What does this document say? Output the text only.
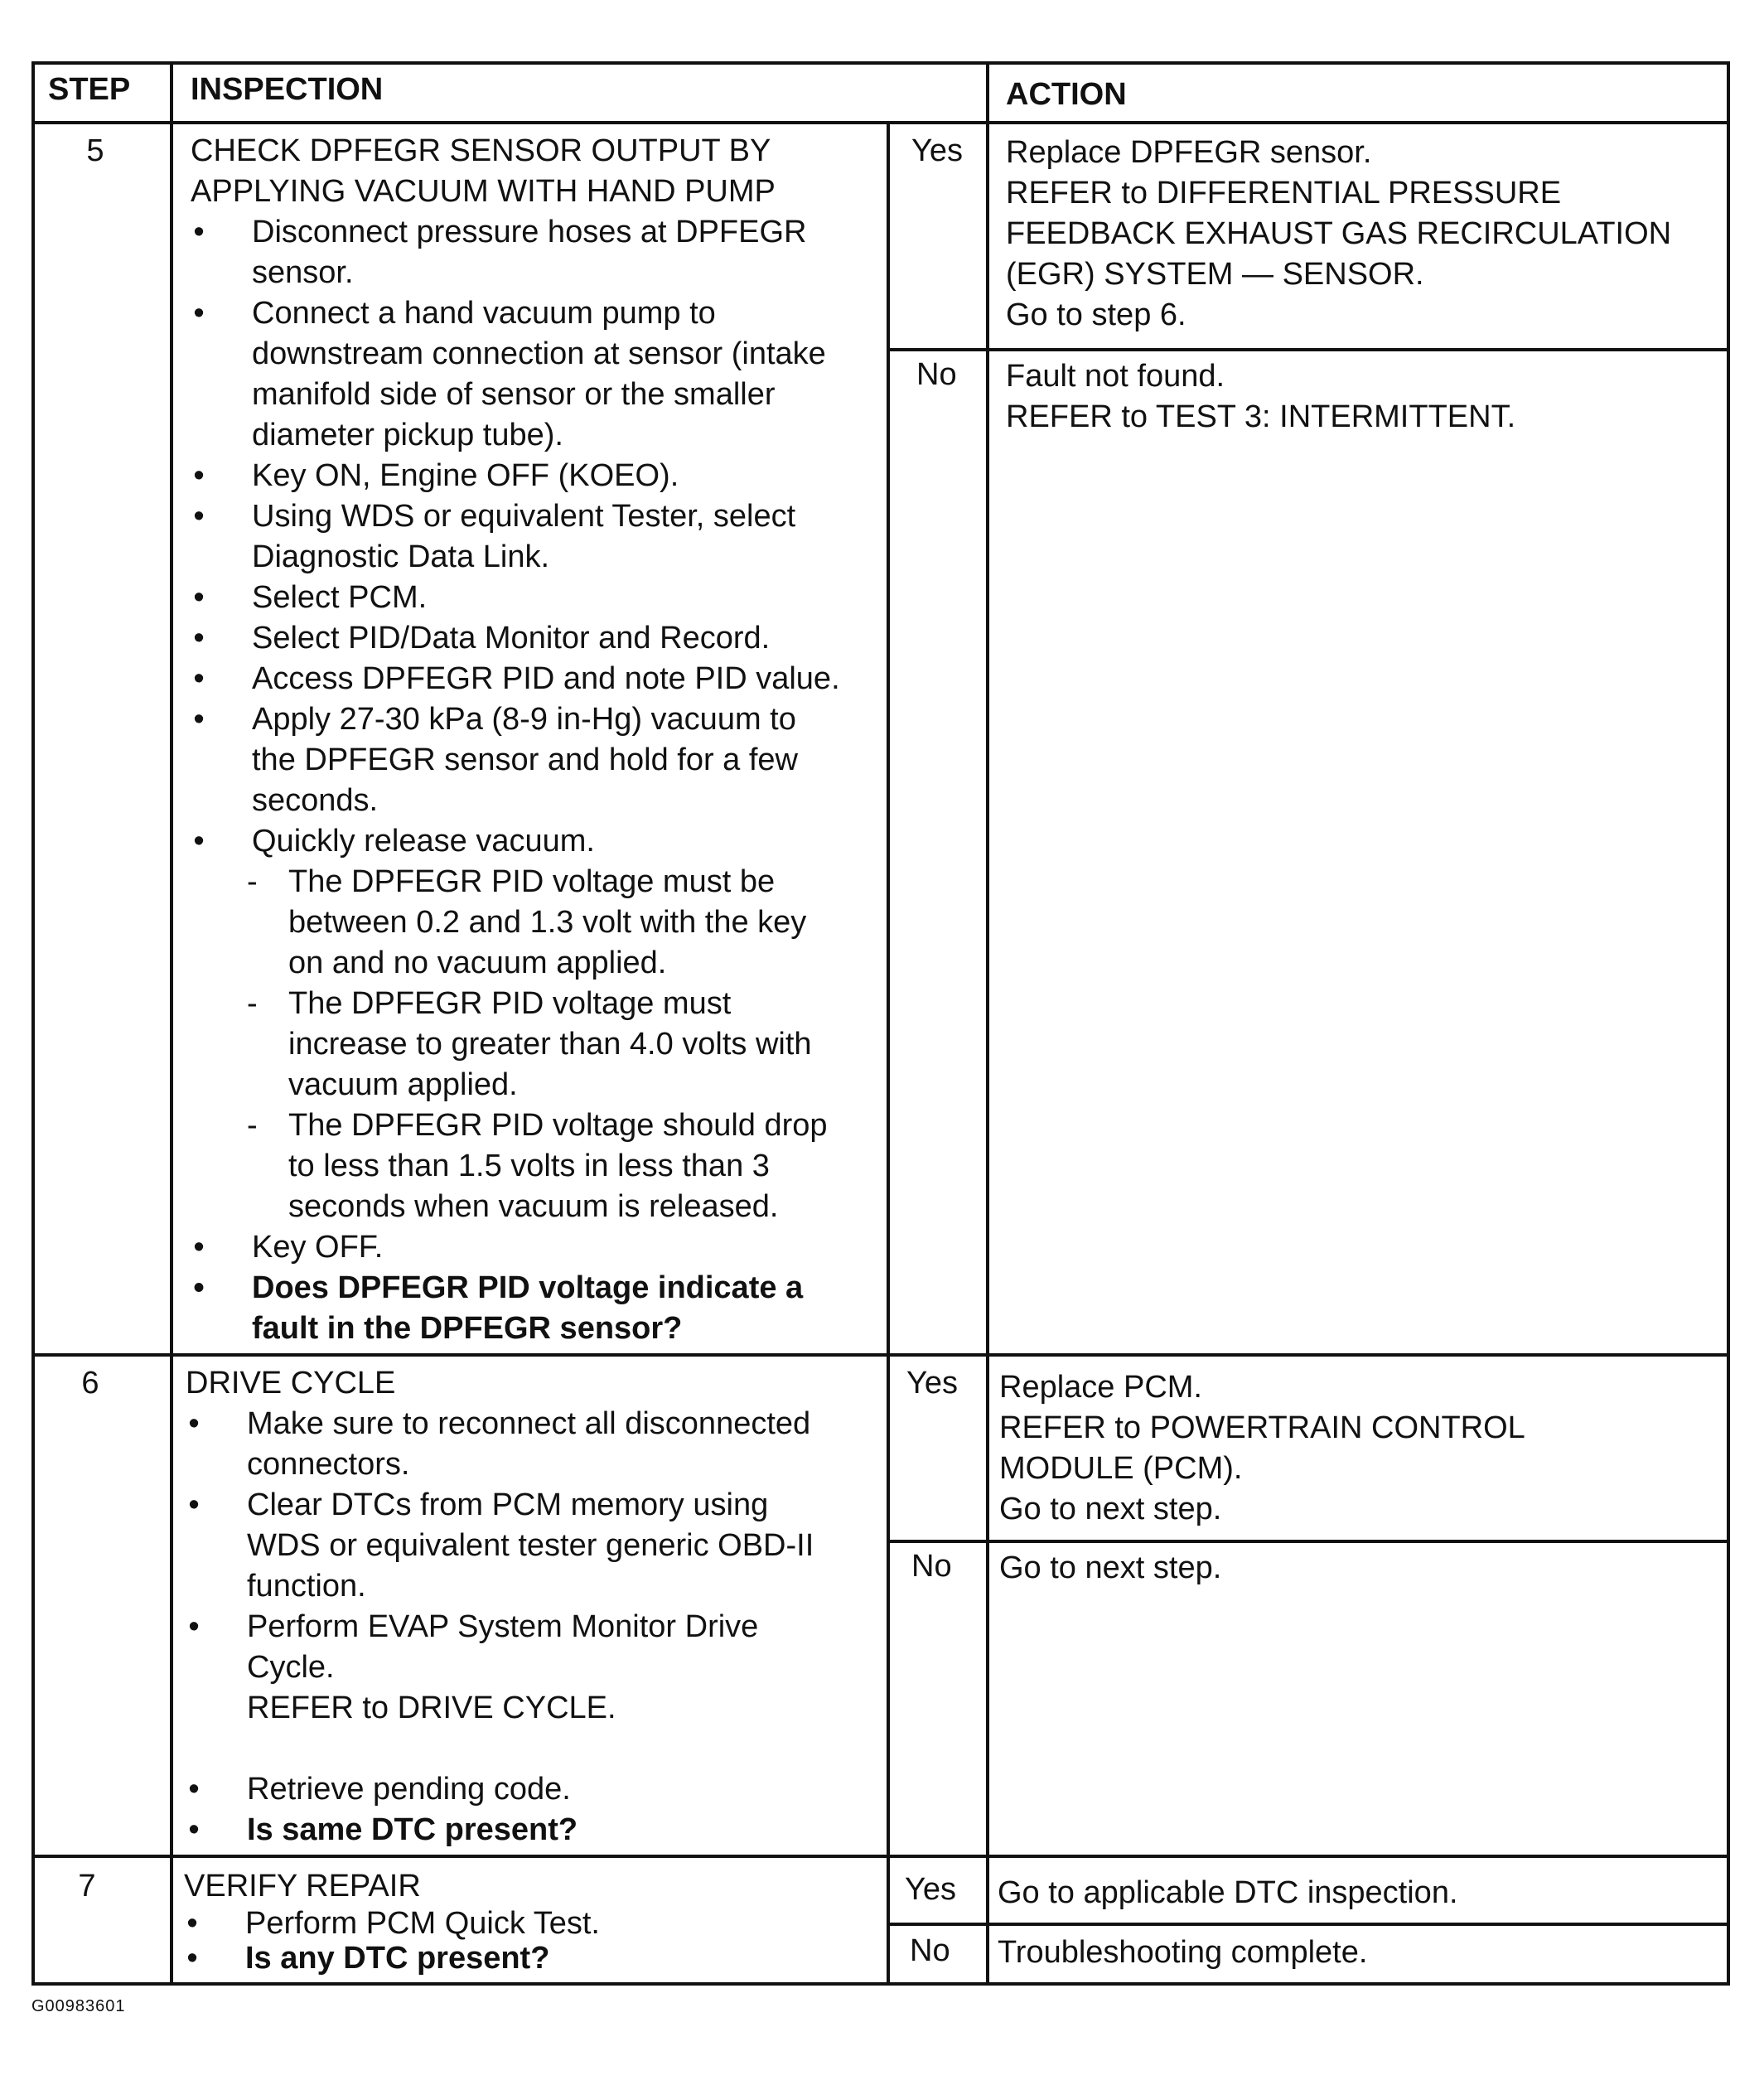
STEP INSPECTION	ACTION
5	CHECK DPFEGR SENSOR OUTPUT BY
APPLYING VACUUM WITH HAND PUMP
•	Disconnect pressure hoses at DPFEGR
sensor.
•	Connect a hand vacuum pump to
downstream connection at sensor (intake
manifold side of sensor or the smaller
diameter pickup tube).
•	Key ON, Engine OFF (KOEO).
•	Using WDS or equivalent Tester, select
Diagnostic Data Link.
•	Select PCM.
•	Select PID/Data Monitor and Record.
•	Access DPFEGR PID and note PID value.
•	Apply 27-30 kPa (8-9 in-Hg) vacuum to
the DPFEGR sensor and hold for a few
seconds.
•	Quickly release vacuum.
- The DPFEGR PID voltage must be
between 0.2 and 1.3 volt with the key
on and no vacuum applied.
- The DPFEGR PID voltage must
increase to greater than 4.0 volts with
vacuum applied.
- The DPFEGR PID voltage should drop
to less than 1.5 volts in less than 3
seconds when vacuum is released.
•	Key OFF.
•	Does DPFEGR PID voltage indicate a
fault in the DPFEGR sensor?
Yes Replace DPFEGR sensor.
REFER to DIFFERENTIAL PRESSURE
FEEDBACK EXHAUST GAS RECIRCULATION
(EGR) SYSTEM — SENSOR.
Go to step 6.
No Fault not found.
REFER to TEST 3: INTERMITTENT.
6	DRIVE CYCLE
•	Make sure to reconnect all disconnected
connectors.
•	Clear DTCs from PCM memory using
WDS or equivalent tester generic OBD-II
function.
•	Perform EVAP System Monitor Drive
Cycle.
REFER to DRIVE CYCLE.
•	Retrieve pending code.
•	Is same DTC present?
Yes Replace PCM.
REFER to POWERTRAIN CONTROL
MODULE (PCM).
Go to next step.
No Go to next step.
7	VERIFY REPAIR
•	Perform PCM Quick Test.
•	Is any DTC present?
Yes Go to applicable DTC inspection.
No Troubleshooting complete.
G00983601
